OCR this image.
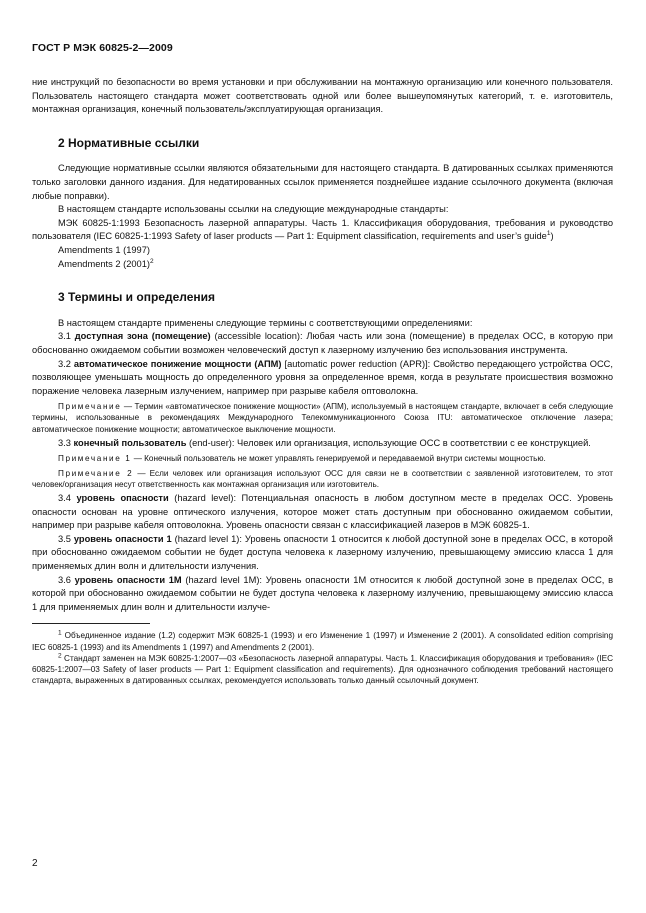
ГОСТ Р МЭК 60825-2—2009

ние инструкций по безопасности во время установки и при обслуживании на монтажную организацию или конечного пользователя. Пользователь настоящего стандарта может соответствовать одной или более вышеупомянутых категорий, т. е. изготовитель, монтажная организация, конечный пользователь/эксплуатирующая организация.

2 Нормативные ссылки

Следующие нормативные ссылки являются обязательными для настоящего стандарта. В датированных ссылках применяются только заголовки данного издания. Для недатированных ссылок применяется позднейшее издание ссылочного документа (включая любые поправки).

В настоящем стандарте использованы ссылки на следующие международные стандарты:

МЭК 60825-1:1993 Безопасность лазерной аппаратуры. Часть 1. Классификация оборудования, требования и руководство пользователя (IEC 60825-1:1993 Safety of laser products — Part 1: Equipment classification, requirements and user’s guide$^1$)

Amendments 1 (1997)

Amendments 2 $(2001)^2$

3 Термины и определения

В настоящем стандарте применены следующие термины с соответствующими определениями:

3.1 доступная зона (помещение) (accessible location): Любая часть или зона (помещение) в пределах ОСС, в которую при обоснованно ожидаемом событии возможен человеческий доступ к лазерному излучению без использования инструмента.

3.2 автоматическое понижение мощности (АПМ) [automatic power reduction (APR)]: Свойство передающего устройства ОСС, позволяющее уменьшать мощность до определенного уровня за определенное время, когда в результате происшествия возможно поражение человека лазерным излучением, например при разрыве кабеля оптоволокна.

Примечание — Термин «автоматическое понижение мощности» (АПМ), используемый в настоящем стандарте, включает в себя следующие термины, использованные в рекомендациях Международного Телекоммуникационного Союза ITU: автоматическое отключение лазера; автоматическое понижение мощности; автоматическое выключение мощности.

3.3 конечный пользователь (end-user): Человек или организация, использующие ОСС в соответствии с ее конструкцией.

Примечание 1 — Конечный пользователь не может управлять генерируемой и передаваемой внутри системы мощностью.

Примечание 2 — Если человек или организация используют ОСС для связи не в соответствии с заявленной изготовителем, то этот человек/организация несут ответственность как монтажная организация или изготовитель.

3.4 уровень опасности (hazard level): Потенциальная опасность в любом доступном месте в пределах ОСС. Уровень опасности основан на уровне оптического излучения, которое может стать доступным при обоснованно ожидаемом событии, например при разрыве кабеля оптоволокна. Уровень опасности связан с классификацией лазеров в МЭК 60825-1.

3.5 уровень опасности 1 (hazard level 1): Уровень опасности 1 относится к любой доступной зоне в пределах ОСС, в которой при обоснованно ожидаемом событии не будет доступа человека к лазерному излучению, превышающему эмиссию класса 1 для применяемых длин волн и длительности излучения.

3.6 уровень опасности 1М (hazard level 1M): Уровень опасности 1М относится к любой доступной зоне в пределах ОСС, в которой при обоснованно ожидаемом событии не будет доступа человека к лазерному излучению, превышающему эмиссию класса 1 для применяемых длин волн и длительности излуче-

$^1$ Объединенное издание (1.2) содержит МЭК 60825-1 (1993) и его Изменение 1 (1997) и Изменение 2 (2001). A consolidated edition comprising IEC 60825-1 (1993) and its Amendments 1 (1997) and Amendments 2 (2001).

$^2$ Стандарт заменен на МЭК 60825-1:2007—03 «Безопасность лазерной аппаратуры. Часть 1. Классификация оборудования и требования» (IEC 60825-1:2007—03 Safety of laser products — Part 1: Equipment classification and requirements). Для однозначного соблюдения требований настоящего стандарта, выраженных в датированных ссылках, рекомендуется использовать только данный ссылочный документ.

2
